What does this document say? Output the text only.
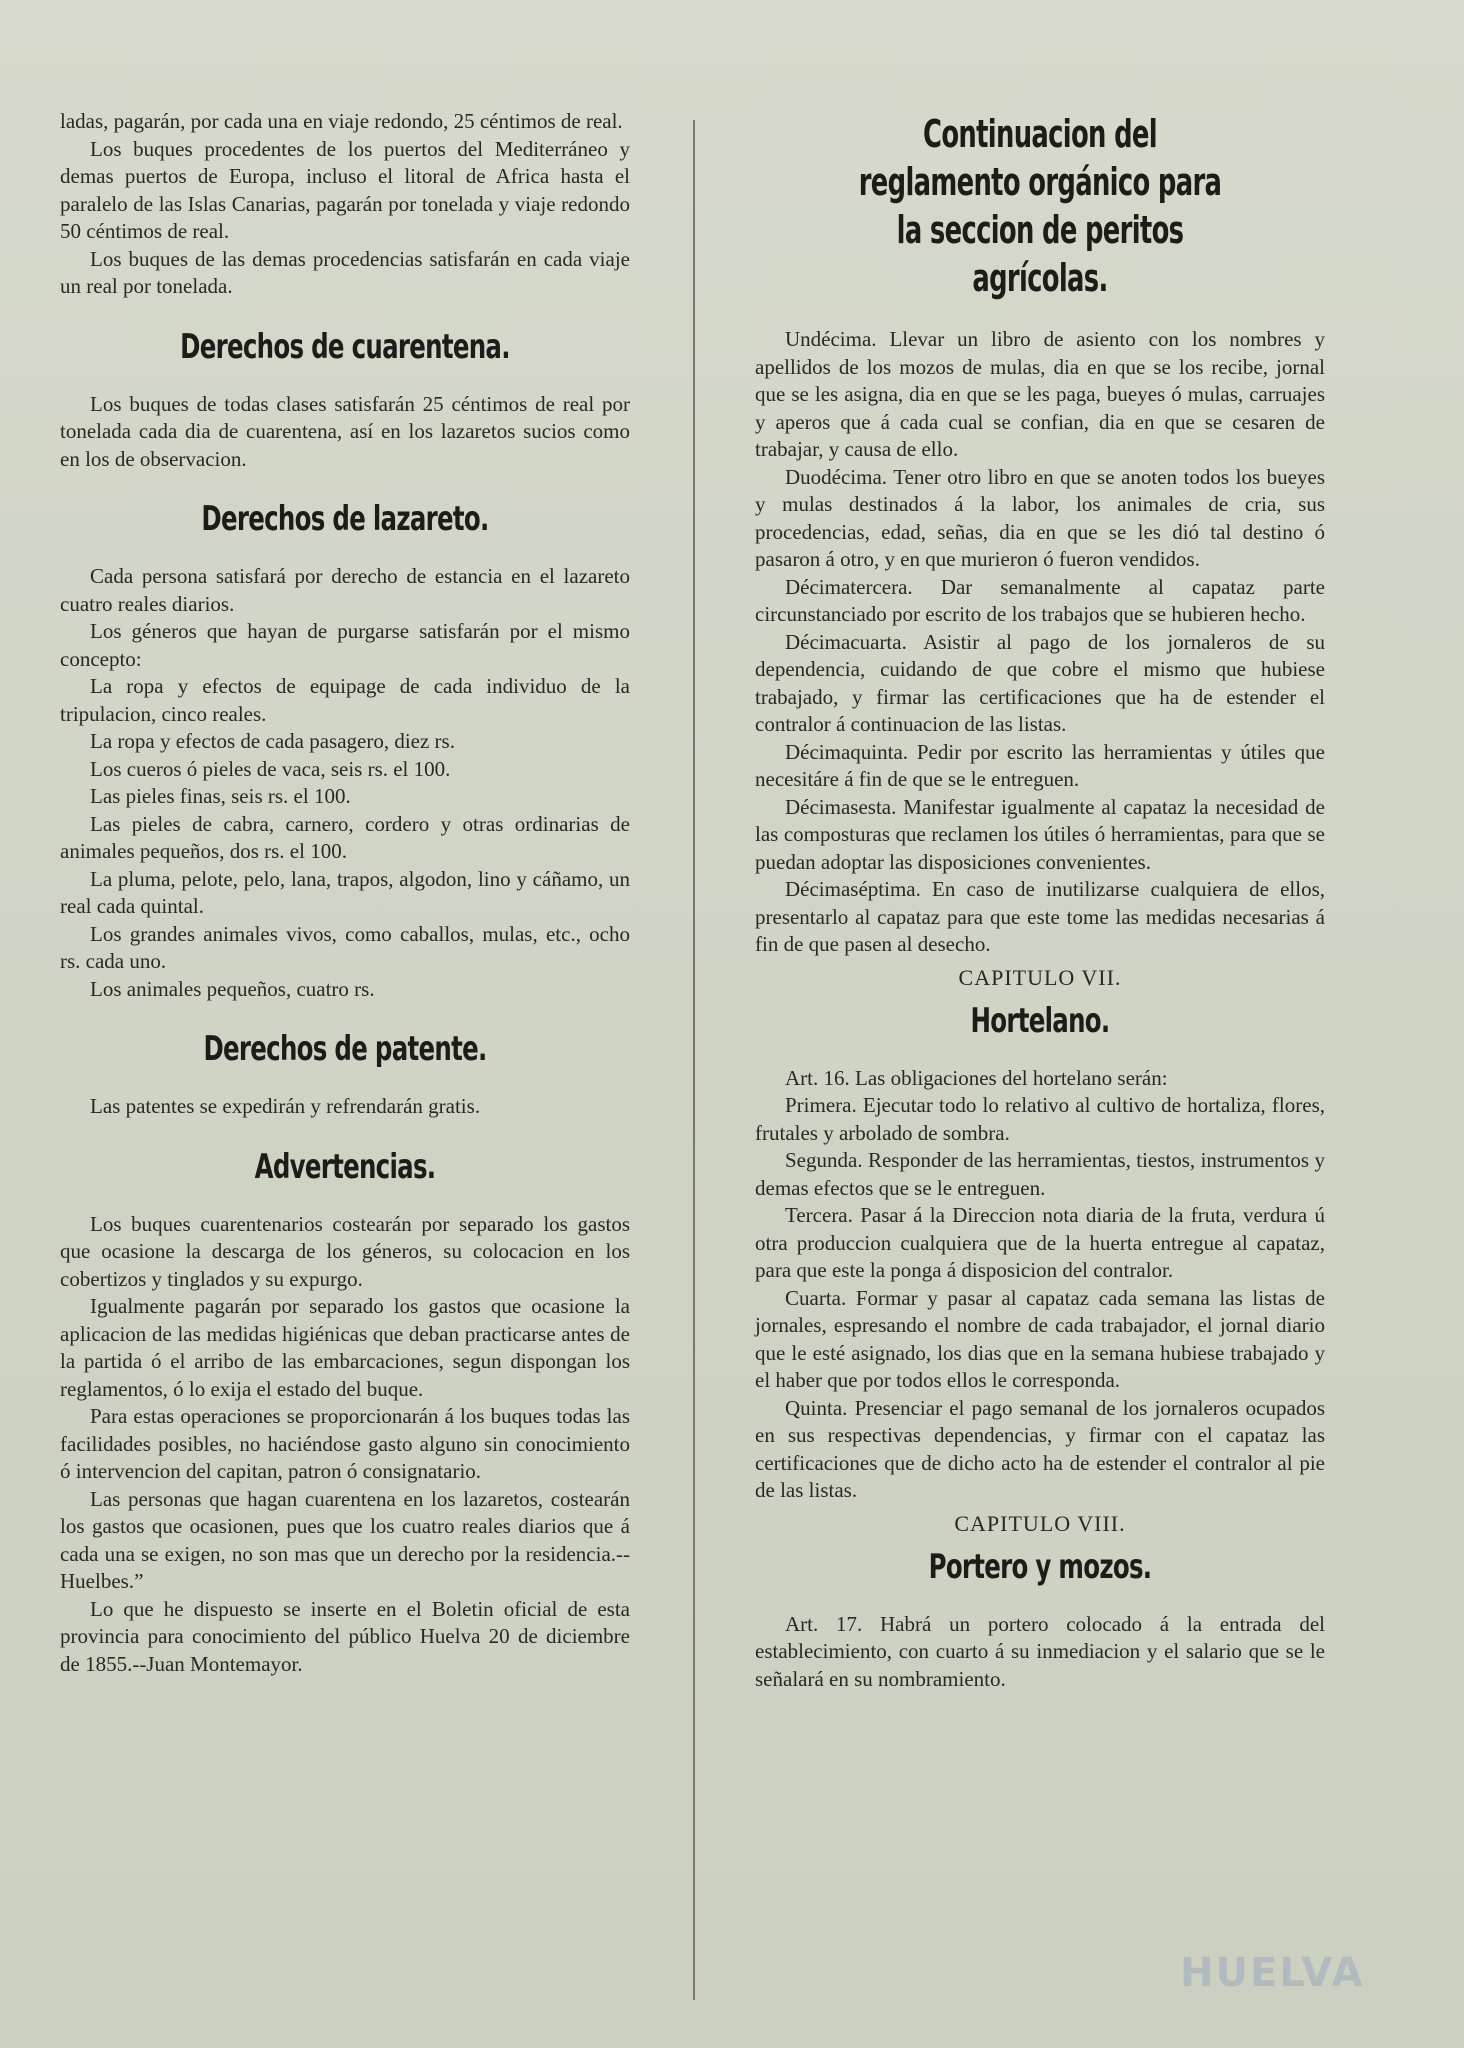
ladas, pagarán, por cada una en viaje redondo, 25 céntimos de real.

Los buques procedentes de los puertos del Mediterráneo y demas puertos de Europa, incluso el litoral de Africa hasta el paralelo de las Islas Canarias, pagarán por tonelada y viaje redondo 50 céntimos de real.

Los buques de las demas procedencias satisfarán en cada viaje un real por tonelada.

Derechos de cuarentena.

Los buques de todas clases satisfarán 25 céntimos de real por tonelada cada dia de cuarentena, así en los lazaretos sucios como en los de observacion.

Derechos de lazareto.

Cada persona satisfará por derecho de estancia en el lazareto cuatro reales diarios.

Los géneros que hayan de purgarse satisfarán por el mismo concepto:

La ropa y efectos de equipage de cada individuo de la tripulacion, cinco reales.

La ropa y efectos de cada pasagero, diez rs.

Los cueros ó pieles de vaca, seis rs. el 100.

Las pieles finas, seis rs. el 100.

Las pieles de cabra, carnero, cordero y otras ordinarias de animales pequeños, dos rs. el 100.

La pluma, pelote, pelo, lana, trapos, algodon, lino y cáñamo, un real cada quintal.

Los grandes animales vivos, como caballos, mulas, etc., ocho rs. cada uno.

Los animales pequeños, cuatro rs.

Derechos de patente.

Las patentes se expedirán y refrendarán gratis.

Advertencias.

Los buques cuarentenarios costearán por separado los gastos que ocasione la descarga de los géneros, su colocacion en los cobertizos y tinglados y su expurgo.

Igualmente pagarán por separado los gastos que ocasione la aplicacion de las medidas higiénicas que deban practicarse antes de la partida ó el arribo de las embarcaciones, segun dispongan los reglamentos, ó lo exija el estado del buque.

Para estas operaciones se proporcionarán á los buques todas las facilidades posibles, no haciéndose gasto alguno sin conocimiento ó intervencion del capitan, patron ó consignatario.

Las personas que hagan cuarentena en los lazaretos, costearán los gastos que ocasionen, pues que los cuatro reales diarios que á cada una se exigen, no son mas que un derecho por la residencia.--Huelbes.”

Lo que he dispuesto se inserte en el Boletin oficial de esta provincia para conocimiento del público Huelva 20 de diciembre de 1855.--Juan Montemayor.

Continuacion del reglamento orgánico para la seccion de peritos agrícolas.

Undécima. Llevar un libro de asiento con los nombres y apellidos de los mozos de mulas, dia en que se los recibe, jornal que se les asigna, dia en que se les paga, bueyes ó mulas, carruajes y aperos que á cada cual se confian, dia en que se cesaren de trabajar, y causa de ello.

Duodécima. Tener otro libro en que se anoten todos los bueyes y mulas destinados á la labor, los animales de cria, sus procedencias, edad, señas, dia en que se les dió tal destino ó pasaron á otro, y en que murieron ó fueron vendidos.

Décimatercera. Dar semanalmente al capataz parte circunstanciado por escrito de los trabajos que se hubieren hecho.

Décimacuarta. Asistir al pago de los jornaleros de su dependencia, cuidando de que cobre el mismo que hubiese trabajado, y firmar las certificaciones que ha de estender el contralor á continuacion de las listas.

Décimaquinta. Pedir por escrito las herramientas y útiles que necesitáre á fin de que se le entreguen.

Décimasesta. Manifestar igualmente al capataz la necesidad de las composturas que reclamen los útiles ó herramientas, para que se puedan adoptar las disposiciones convenientes.

Décimaséptima. En caso de inutilizarse cualquiera de ellos, presentarlo al capataz para que este tome las medidas necesarias á fin de que pasen al desecho.

CAPITULO VII.
Hortelano.

Art. 16. Las obligaciones del hortelano serán:

Primera. Ejecutar todo lo relativo al cultivo de hortaliza, flores, frutales y arbolado de sombra.

Segunda. Responder de las herramientas, tiestos, instrumentos y demas efectos que se le entreguen.

Tercera. Pasar á la Direccion nota diaria de la fruta, verdura ú otra produccion cualquiera que de la huerta entregue al capataz, para que este la ponga á disposicion del contralor.

Cuarta. Formar y pasar al capataz cada semana las listas de jornales, espresando el nombre de cada trabajador, el jornal diario que le esté asignado, los dias que en la semana hubiese trabajado y el haber que por todos ellos le corresponda.

Quinta. Presenciar el pago semanal de los jornaleros ocupados en sus respectivas dependencias, y firmar con el capataz las certificaciones que de dicho acto ha de estender el contralor al pie de las listas.

CAPITULO VIII.
Portero y mozos.

Art. 17. Habrá un portero colocado á la entrada del establecimiento, con cuarto á su inmediacion y el salario que se le señalará en su nombramiento.

HUELVA
